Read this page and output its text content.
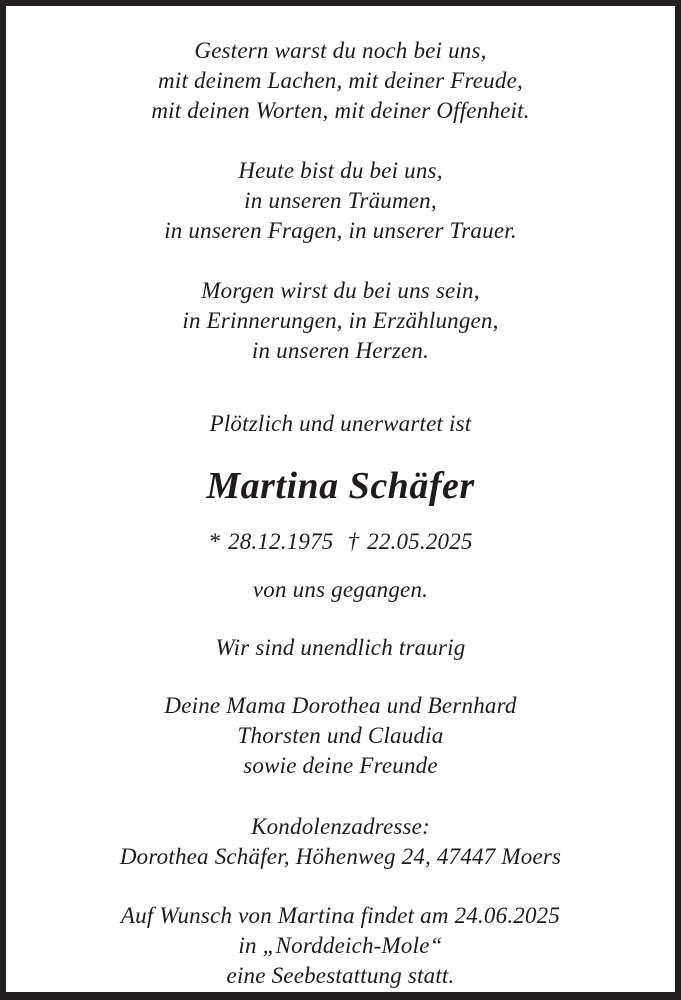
Gestern warst du noch bei uns,
mit deinem Lachen, mit deiner Freude,
mit deinen Worten, mit deiner Offenheit.
Heute bist du bei uns,
in unseren Träumen,
in unseren Fragen, in unserer Trauer.
Morgen wirst du bei uns sein,
in Erinnerungen, in Erzählungen,
in unseren Herzen.
Plötzlich und unerwartet ist
Martina Schäfer
* 28.12.1975 † 22.05.2025
von uns gegangen.
Wir sind unendlich traurig
Deine Mama Dorothea und Bernhard
Thorsten und Claudia
sowie deine Freunde
Kondolenzadresse:
Dorothea Schäfer, Höhenweg 24, 47447 Moers
Auf Wunsch von Martina findet am 24.06.2025
in „Norddeich-Mole“
eine Seebestattung statt.
